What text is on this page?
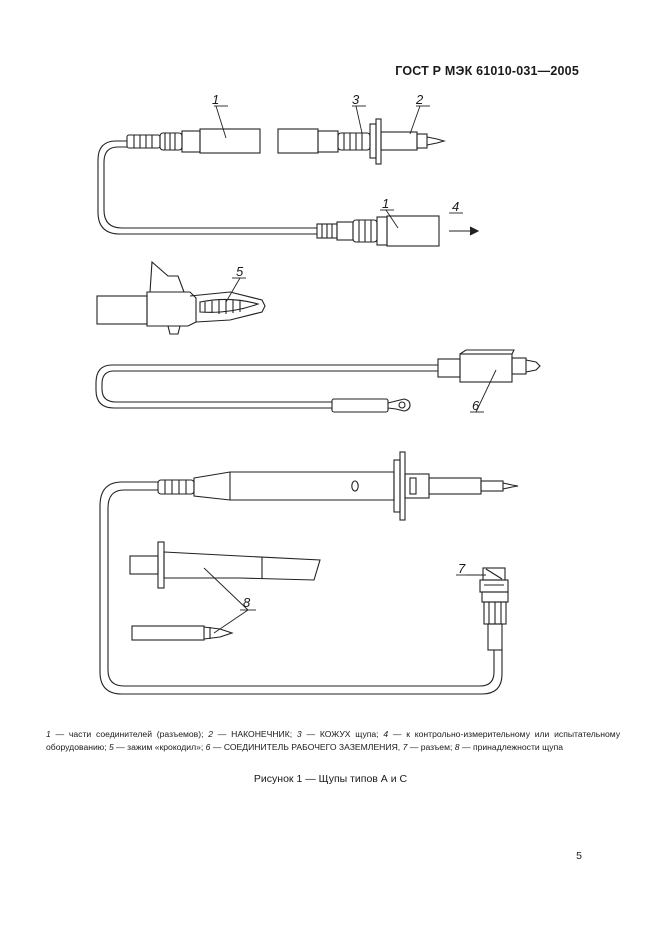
ГОСТ Р МЭК 61010-031—2005
1	3	2
1	4
5
6
7
8
1 — части соединителей (разъемов); 2 — НАКОНЕЧНИК; 3 — КОЖУХ щупа; 4 — к контрольно-измерительному или испытательному оборудованию; 5 — зажим «крокодил»; 6 — СОЕДИНИТЕЛЬ РАБОЧЕГО ЗАЗЕМЛЕНИЯ, 7 — разъем; 8 — принадлежности щупа
Рисунок 1 — Щупы типов А и С
5
